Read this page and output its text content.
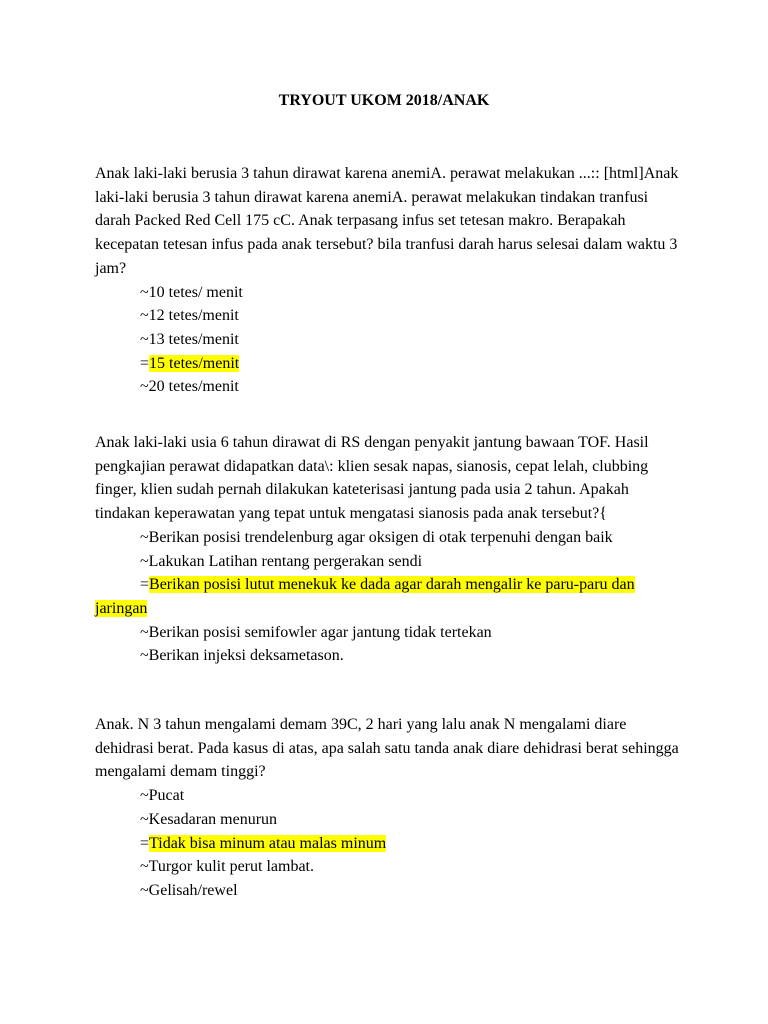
TRYOUT UKOM 2018/ANAK

Anak laki-laki berusia 3 tahun dirawat karena anemiA. perawat melakukan ...:: [html]Anak laki-laki berusia 3 tahun dirawat karena anemiA. perawat melakukan tindakan tranfusi darah Packed Red Cell 175 cC. Anak terpasang infus set tetesan makro. Berapakah kecepatan tetesan infus pada anak tersebut? bila tranfusi darah harus selesai dalam waktu 3 jam?

~10 tetes/ menit
~12 tetes/menit
~13 tetes/menit
=15 tetes/menit
~20 tetes/menit

Anak laki-laki usia 6 tahun dirawat di RS dengan penyakit jantung bawaan TOF. Hasil pengkajian perawat didapatkan data\: klien sesak napas, sianosis, cepat lelah, clubbing finger, klien sudah pernah dilakukan kateterisasi jantung pada usia 2 tahun. Apakah tindakan keperawatan yang tepat untuk mengatasi sianosis pada anak tersebut?{

~Berikan posisi trendelenburg agar oksigen di otak terpenuhi dengan baik
~Lakukan Latihan rentang pergerakan sendi
=Berikan posisi lutut menekuk ke dada agar darah mengalir ke paru-paru dan jaringan
~Berikan posisi semifowler agar jantung tidak tertekan
~Berikan injeksi deksametason.

Anak. N 3 tahun mengalami demam 39C, 2 hari yang lalu anak N mengalami diare dehidrasi berat. Pada kasus di atas, apa salah satu tanda anak diare dehidrasi berat sehingga mengalami demam tinggi?

~Pucat
~Kesadaran menurun
=Tidak bisa minum atau malas minum
~Turgor kulit perut lambat.
~Gelisah/rewel
